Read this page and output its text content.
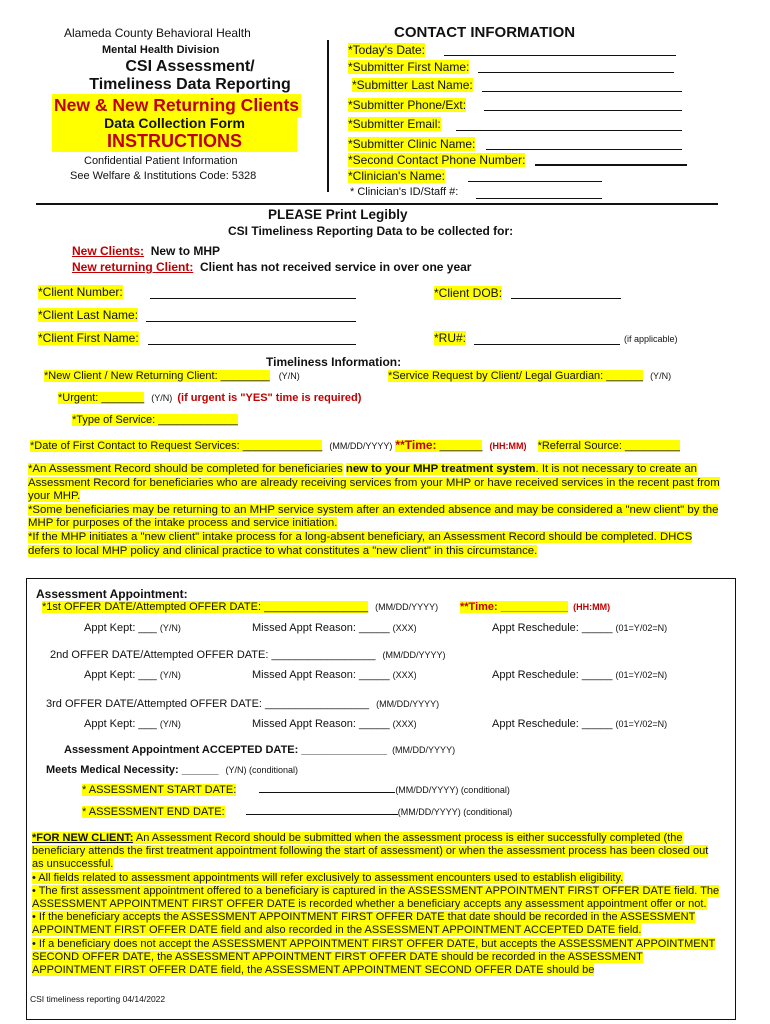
Alameda County Behavioral Health
Mental Health Division
CSI Assessment/
Timeliness Data Reporting
New & New Returning Clients
Data Collection Form
INSTRUCTIONS
Confidential Patient Information
See Welfare & Institutions Code: 5328
CONTACT INFORMATION
*Today's Date:
*Submitter First Name:
*Submitter Last Name:
*Submitter Phone/Ext:
*Submitter Email:
*Submitter Clinic Name:
*Second Contact Phone Number:
*Clinician's Name:
* Clinician's ID/Staff #:
PLEASE Print Legibly
CSI Timeliness Reporting Data to be collected for:
New Clients: New to MHP
New returning Client: Client has not received service in over one year
*Client Number:	*Client DOB:
*Client Last Name:
*Client First Name:	*RU#:	(if applicable)
Timeliness Information:
*New Client / New Returning Client: ________ (Y/N)	*Service Request by Client/ Legal Guardian: ______ (Y/N)
*Urgent: _______ (Y/N) (if urgent is "YES" time is required)
*Type of Service: _____________
*Date of First Contact to Request Services: _____________ (MM/DD/YYYY) **Time: _______ (HH:MM) *Referral Source: _________
*An Assessment Record should be completed for beneficiaries new to your MHP treatment system. It is not necessary to create an Assessment Record for beneficiaries who are already receiving services from your MHP or have received services in the recent past from your MHP.
*Some beneficiaries may be returning to an MHP service system after an extended absence and may be considered a "new client" by the MHP for purposes of the intake process and service initiation.
*If the MHP initiates a "new client" intake process for a long-absent beneficiary, an Assessment Record should be completed. DHCS defers to local MHP policy and clinical practice to what constitutes a "new client" in this circumstance.
Assessment Appointment:
*1st OFFER DATE/Attempted OFFER DATE: _________________ (MM/DD/YYYY) **Time: ___________ (HH:MM)
Appt Kept: ___ (Y/N)	Missed Appt Reason: _____ (XXX)	Appt Reschedule: _____ (01=Y/02=N)
2nd OFFER DATE/Attempted OFFER DATE: _________________ (MM/DD/YYYY)
Appt Kept: ___ (Y/N)	Missed Appt Reason: _____ (XXX)	Appt Reschedule: _____ (01=Y/02=N)
3rd OFFER DATE/Attempted OFFER DATE: _________________ (MM/DD/YYYY)
Appt Kept: ___ (Y/N)	Missed Appt Reason: _____ (XXX)	Appt Reschedule: _____ (01=Y/02=N)
Assessment Appointment ACCEPTED DATE: ______________ (MM/DD/YYYY)
Meets Medical Necessity: ______ (Y/N) (conditional)
* ASSESSMENT START DATE:	(MM/DD/YYYY) (conditional)
* ASSESSMENT END DATE:	(MM/DD/YYYY) (conditional)
*FOR NEW CLIENT: An Assessment Record should be submitted when the assessment process is either successfully completed (the beneficiary attends the first treatment appointment following the start of assessment) or when the assessment process has been closed out as unsuccessful.
• All fields related to assessment appointments will refer exclusively to assessment encounters used to establish eligibility.
• The first assessment appointment offered to a beneficiary is captured in the ASSESSMENT APPOINTMENT FIRST OFFER DATE field. The ASSESSMENT APPOINTMENT FIRST OFFER DATE is recorded whether a beneficiary accepts any assessment appointment offer or not.
• If the beneficiary accepts the ASSESSMENT APPOINTMENT FIRST OFFER DATE that date should be recorded in the ASSESSMENT APPOINTMENT FIRST OFFER DATE field and also recorded in the ASSESSMENT APPOINTMENT ACCEPTED DATE field.
• If a beneficiary does not accept the ASSESSMENT APPOINTMENT FIRST OFFER DATE, but accepts the ASSESSMENT APPOINTMENT SECOND OFFER DATE, the ASSESSMENT APPOINTMENT FIRST OFFER DATE should be recorded in the ASSESSMENT APPOINTMENT FIRST OFFER DATE field, the ASSESSMENT APPOINTMENT SECOND OFFER DATE should be
CSI timeliness reporting 04/14/2022
